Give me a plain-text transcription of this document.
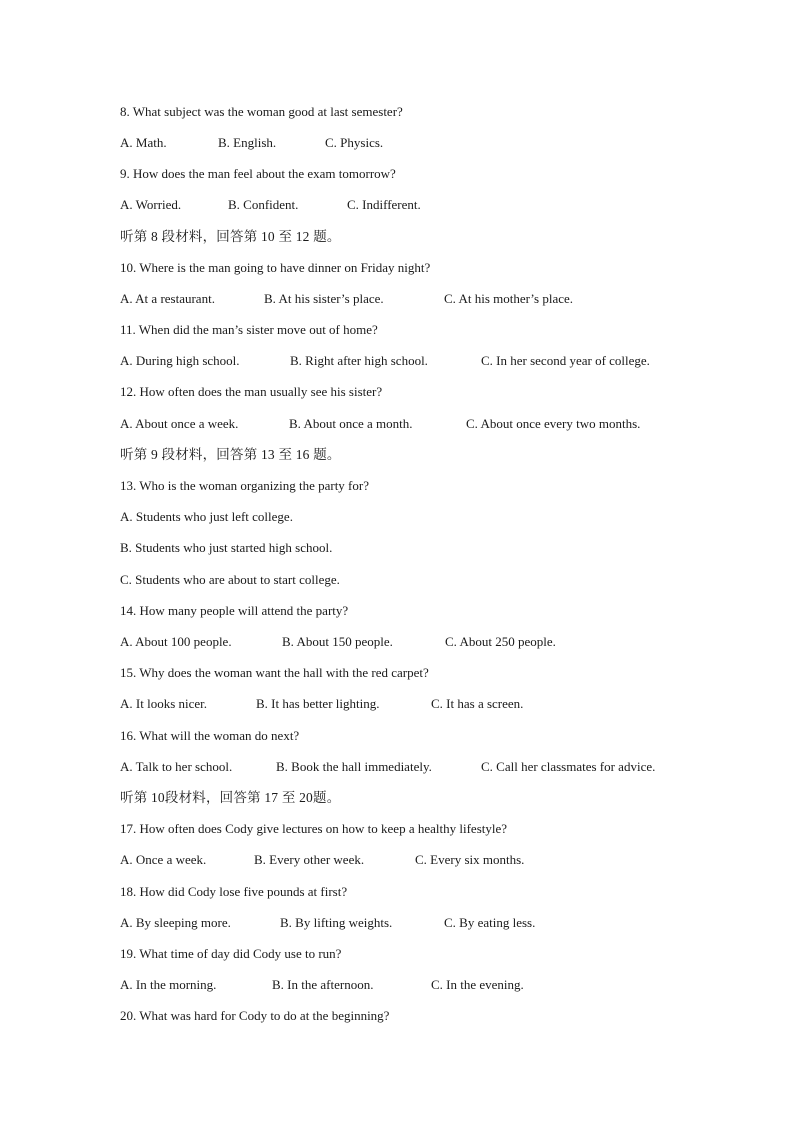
8. What subject was the woman good at last semester?
A. Math.	B. English.	C. Physics.
9. How does the man feel about the exam tomorrow?
A. Worried.	B. Confident.	C. Indifferent.
听第 8 段材料，回答第 10 至 12 题。
10. Where is the man going to have dinner on Friday night?
A. At a restaurant.	B. At his sister’s place.	C. At his mother’s place.
11. When did the man’s sister move out of home?
A. During high school.	B. Right after high school.	C. In her second year of college.
12. How often does the man usually see his sister?
A. About once a week.	B. About once a month.	C. About once every two months.
听第 9 段材料，回答第 13 至 16 题。
13. Who is the woman organizing the party for?
A. Students who just left college.
B. Students who just started high school.
C. Students who are about to start college.
14. How many people will attend the party?
A. About 100 people.	B. About 150 people.	C. About 250 people.
15. Why does the woman want the hall with the red carpet?
A. It looks nicer.	B. It has better lighting.	C. It has a screen.
16. What will the woman do next?
A. Talk to her school.	B. Book the hall immediately.	C. Call her classmates for advice.
听第 10段材料，回答第 17 至 20题。
17. How often does Cody give lectures on how to keep a healthy lifestyle?
A. Once a week.	B. Every other week.	C. Every six months.
18. How did Cody lose five pounds at first?
A. By sleeping more.	B. By lifting weights.	C. By eating less.
19. What time of day did Cody use to run?
A. In the morning.	B. In the afternoon.	C. In the evening.
20. What was hard for Cody to do at the beginning?
